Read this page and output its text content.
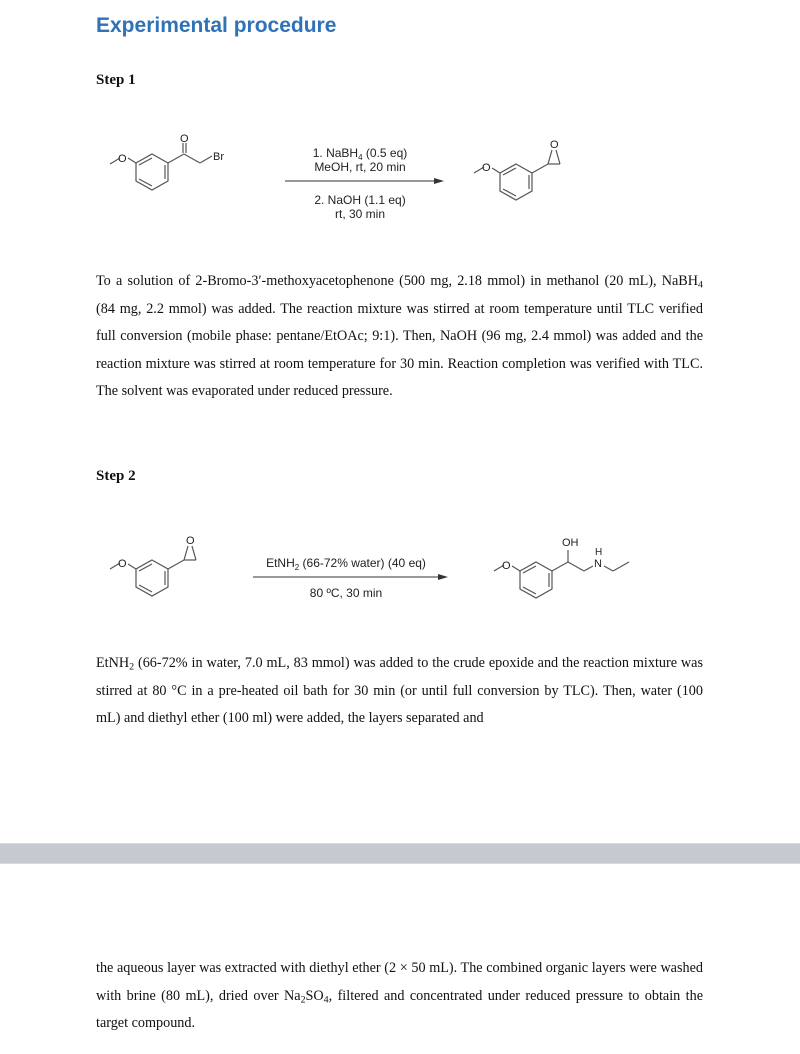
Experimental procedure
Step 1
O
O
Br	1. NaBH$_4$ (0.5 eq)
MeOH, rt, 20 min
2. NaOH (1.1 eq)
rt, 30 min
O
O

To a solution of 2-Bromo-3′-methoxyacetophenone (500 mg, 2.18 mmol) in methanol (20 mL), NaBH$_4$ (84 mg, 2.2 mmol) was added. The reaction mixture was stirred at room temperature until TLC verified full conversion (mobile phase: pentane/EtOAc; 9:1). Then, NaOH (96 mg, 2.4 mmol) was added and the reaction mixture was stirred at room temperature for 30 min. Reaction completion was verified with TLC. The solvent was evaporated under reduced pressure.

Step 2
O
O
EtNH$_2$ (66-72% water) (40 eq)
80 ºC, 30 min
O
OH
H
N

EtNH$_2$ (66-72% in water, 7.0 mL, 83 mmol) was added to the crude epoxide and the reaction mixture was stirred at 80 °C in a pre-heated oil bath for 30 min (or until full conversion by TLC). Then, water (100 mL) and diethyl ether (100 ml) were added, the layers separated and

the aqueous layer was extracted with diethyl ether (2 × 50 mL). The combined organic layers were washed with brine (80 mL), dried over $Na_2SO_4$, filtered and concentrated under reduced pressure to obtain the target compound.
